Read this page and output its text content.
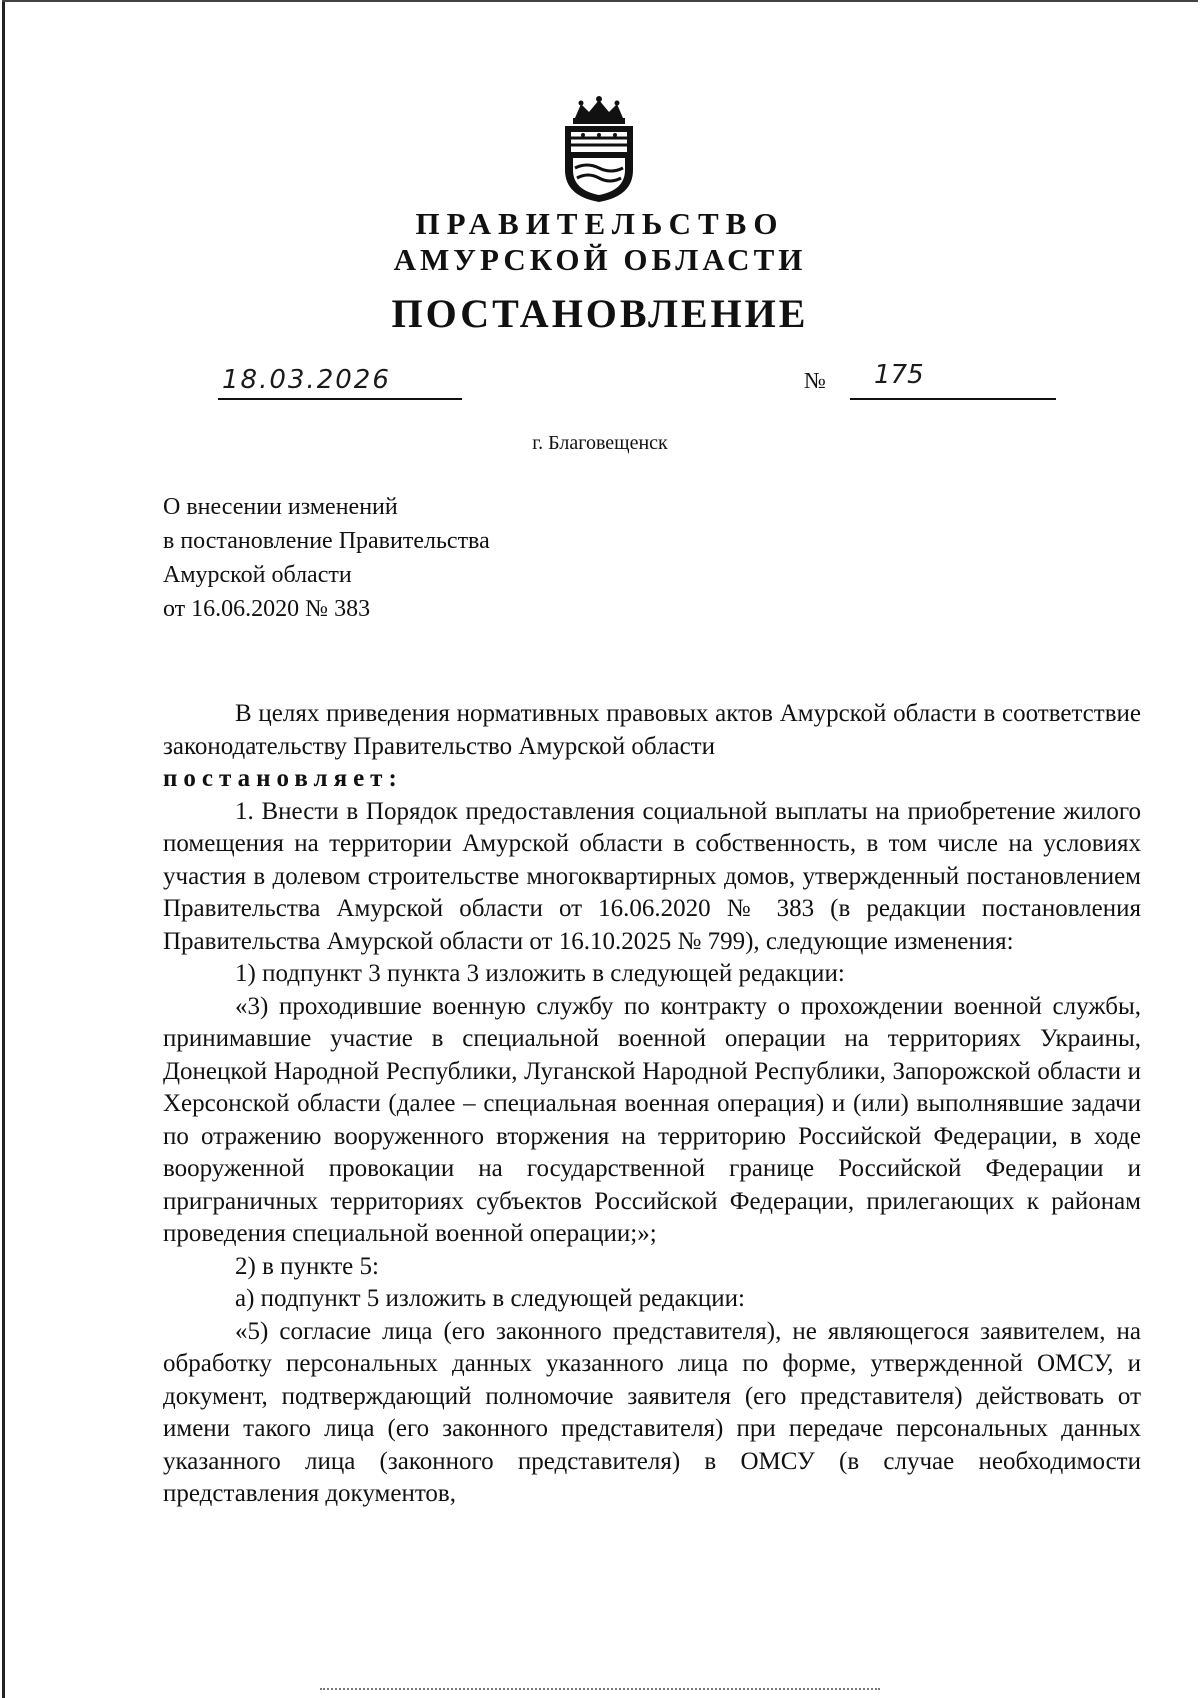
ПРАВИТЕЛЬСТВО
АМУРСКОЙ ОБЛАСТИ
ПОСТАНОВЛЕНИЕ
18.03.2026	№ 175
г. Благовещенск
О внесении изменений
в постановление Правительства
Амурской области
от 16.06.2020 № 383

В целях приведения нормативных правовых актов Амурской области в соответствие законодательству Правительство Амурской области

постановляет:

1. Внести в Порядок предоставления социальной выплаты на приобретение жилого помещения на территории Амурской области в собственность, в том числе на условиях участия в долевом строительстве многоквартирных домов, утвержденный постановлением Правительства Амурской области от 16.06.2020 № 383 (в редакции постановления Правительства Амурской области от 16.10.2025 № 799), следующие изменения:

1) подпункт 3 пункта 3 изложить в следующей редакции:

«3) проходившие военную службу по контракту о прохождении военной службы, принимавшие участие в специальной военной операции на территориях Украины, Донецкой Народной Республики, Луганской Народной Республики, Запорожской области и Херсонской области (далее – специальная военная операция) и (или) выполнявшие задачи по отражению вооруженного вторжения на территорию Российской Федерации, в ходе вооруженной провокации на государственной границе Российской Федерации и приграничных территориях субъектов Российской Федерации, прилегающих к районам проведения специальной военной операции;»;

2) в пункте 5:

а) подпункт 5 изложить в следующей редакции:

«5) согласие лица (его законного представителя), не являющегося заявителем, на обработку персональных данных указанного лица по форме, утвержденной ОМСУ, и документ, подтверждающий полномочие заявителя (его представителя) действовать от имени такого лица (его законного представителя) при передаче персональных данных указанного лица (законного представителя) в ОМСУ (в случае необходимости представления документов,
